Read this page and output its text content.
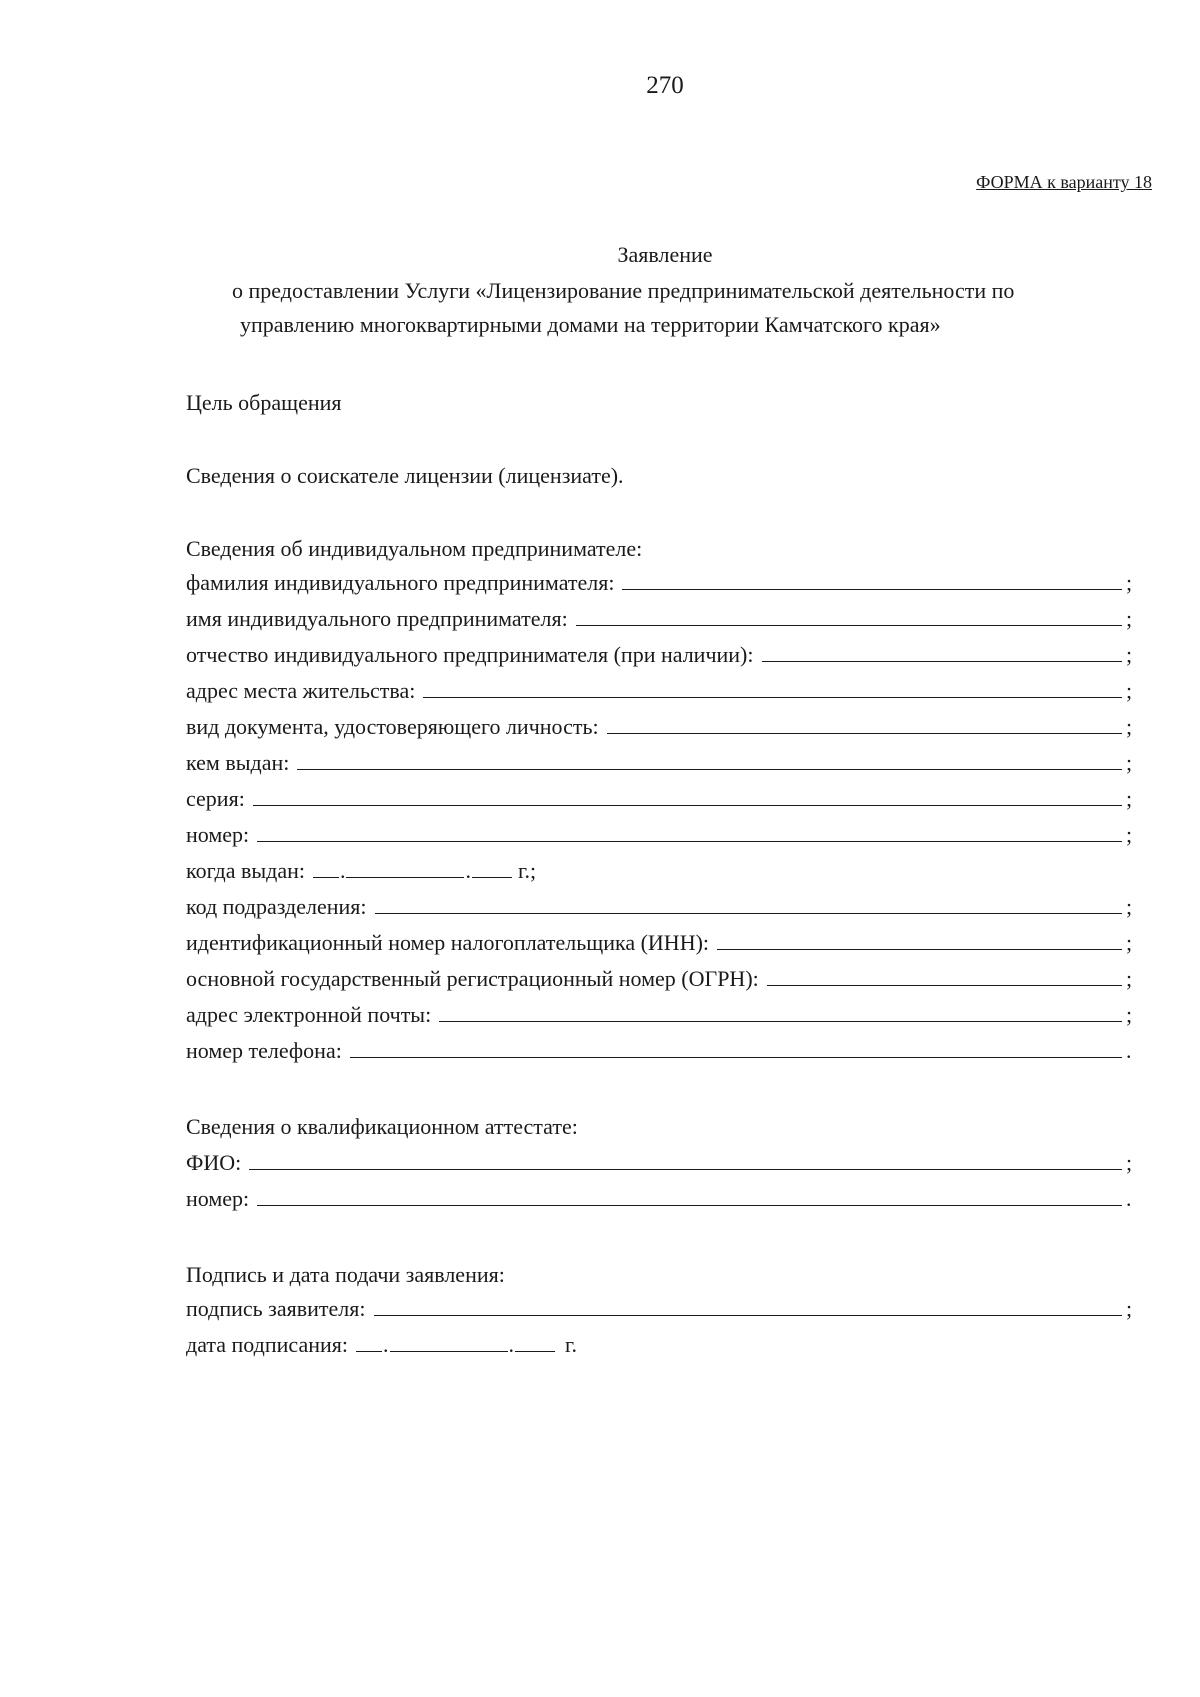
270
ФОРМА к варианту 18
Заявление
о предоставлении Услуги «Лицензирование предпринимательской деятельности по
управлению многоквартирными домами на территории Камчатского края»
Цель обращения
Сведения о соискателе лицензии (лицензиате).
Сведения об индивидуальном предпринимателе:
фамилия индивидуального предпринимателя:	;
имя индивидуального предпринимателя:	;
отчество индивидуального предпринимателя (при наличии):	;
адрес места жительства:	;
вид документа, удостоверяющего личность:	;
кем выдан:	;
серия:	;
номер:	;
когда выдан: .	. г.;
код подразделения:	;
идентификационный номер налогоплательщика (ИНН):	;
основной государственный регистрационный номер (ОГРН):	;
адрес электронной почты:	;
номер телефона:	.
Сведения о квалификационном аттестате:
ФИО:	;
номер:	.
Подпись и дата подачи заявления:
подпись заявителя:	;
дата подписания: .	. г.
